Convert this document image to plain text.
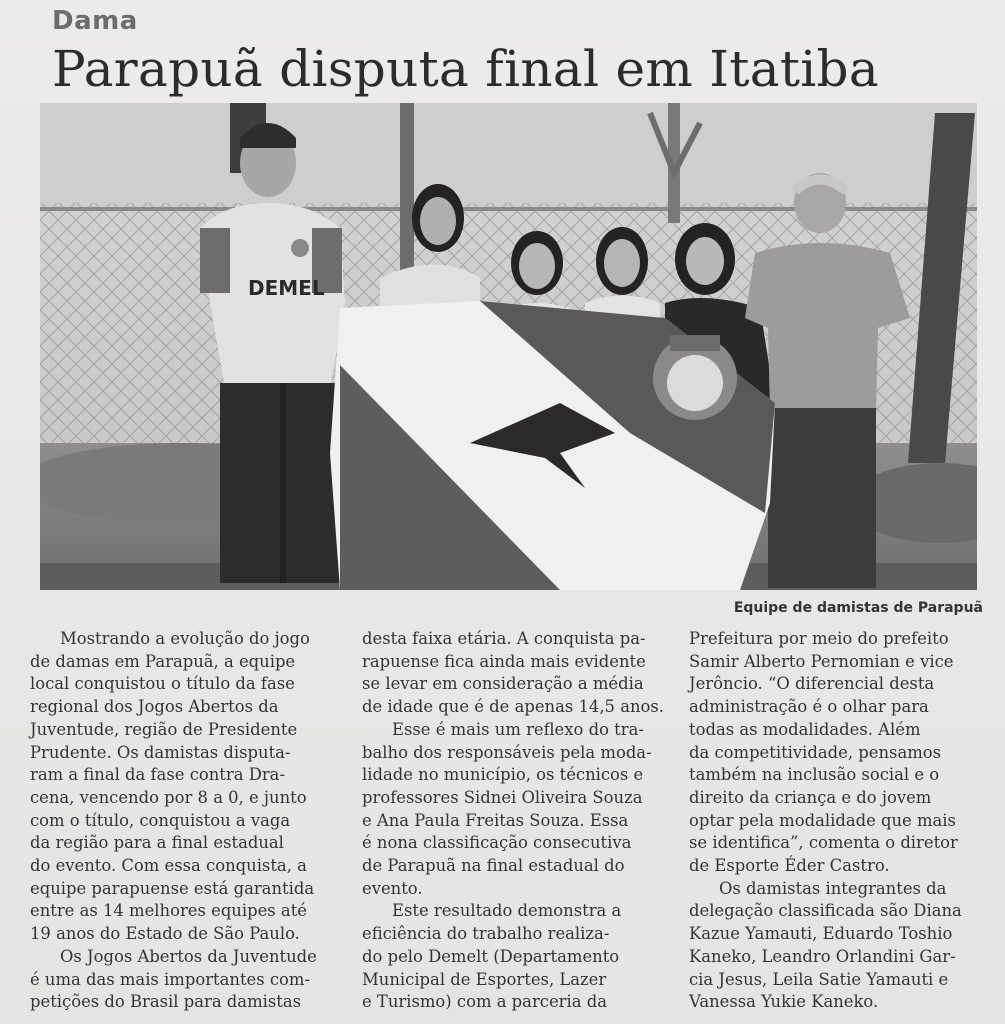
Dama
Parapuã disputa final em Itatiba
DEMEL
Equipe de damistas de Parapuã
Mostrando a evolução do jogo
de damas em Parapuã, a equipe
local conquistou o título da fase
regional dos Jogos Abertos da
Juventude, região de Presidente
Prudente. Os damistas disputa-
ram a final da fase contra Dra-
cena, vencendo por 8 a 0, e junto
com o título, conquistou a vaga
da região para a final estadual
do evento. Com essa conquista, a
equipe parapuense está garantida
entre as 14 melhores equipes até
19 anos do Estado de São Paulo.
Os Jogos Abertos da Juventude
é uma das mais importantes com-
petições do Brasil para damistas
desta faixa etária. A conquista pa-
rapuense fica ainda mais evidente
se levar em consideração a média
de idade que é de apenas 14,5 anos.
Esse é mais um reflexo do tra-
balho dos responsáveis pela moda-
lidade no município, os técnicos e
professores Sidnei Oliveira Souza
e Ana Paula Freitas Souza. Essa
é nona classificação consecutiva
de Parapuã na final estadual do
evento.
Este resultado demonstra a
eficiência do trabalho realiza-
do pelo Demelt (Departamento
Municipal de Esportes, Lazer
e Turismo) com a parceria da
Prefeitura por meio do prefeito
Samir Alberto Pernomian e vice
Jerôncio. “O diferencial desta
administração é o olhar para
todas as modalidades. Além
da competitividade, pensamos
também na inclusão social e o
direito da criança e do jovem
optar pela modalidade que mais
se identifica”, comenta o diretor
de Esporte Éder Castro.
Os damistas integrantes da
delegação classificada são Diana
Kazue Yamauti, Eduardo Toshio
Kaneko, Leandro Orlandini Gar-
cia Jesus, Leila Satie Yamauti e
Vanessa Yukie Kaneko.
